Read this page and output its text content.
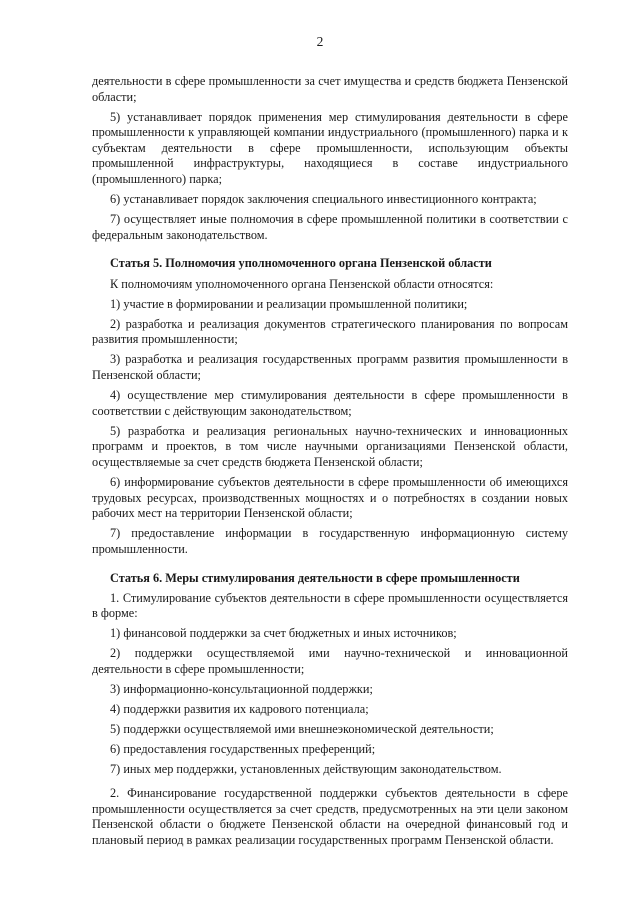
2

деятельности в сфере промышленности за счет имущества и средств бюджета Пензенской области;

5) устанавливает порядок применения мер стимулирования деятельности в сфере промышленности к управляющей компании индустриального (промышленного) парка и к субъектам деятельности в сфере промышленности, использующим объекты промышленной инфраструктуры, находящиеся в составе индустриального (промышленного) парка;

6) устанавливает порядок заключения специального инвестиционного контракта;

7) осуществляет иные полномочия в сфере промышленной политики в соответствии с федеральным законодательством.

Статья 5. Полномочия уполномоченного органа Пензенской области

К полномочиям уполномоченного органа Пензенской области относятся:

1) участие в формировании и реализации промышленной политики;

2) разработка и реализация документов стратегического планирования по вопросам развития промышленности;

3) разработка и реализация государственных программ развития промышленности в Пензенской области;

4) осуществление мер стимулирования деятельности в сфере промышленности в соответствии с действующим законодательством;

5) разработка и реализация региональных научно-технических и инновационных программ и проектов, в том числе научными организациями Пензенской области, осуществляемые за счет средств бюджета Пензенской области;

6) информирование субъектов деятельности в сфере промышленности об имеющихся трудовых ресурсах, производственных мощностях и о потребностях в создании новых рабочих мест на территории Пензенской области;

7) предоставление информации в государственную информационную систему промышленности.

Статья 6. Меры стимулирования деятельности в сфере промышленности

1. Стимулирование субъектов деятельности в сфере промышленности осуществляется в форме:

1) финансовой поддержки за счет бюджетных и иных источников;

2) поддержки осуществляемой ими научно-технической и инновационной деятельности в сфере промышленности;

3) информационно-консультационной поддержки;

4) поддержки развития их кадрового потенциала;

5) поддержки осуществляемой ими внешнеэкономической деятельности;

6) предоставления государственных преференций;

7) иных мер поддержки, установленных действующим законодательством.

2. Финансирование государственной поддержки субъектов деятельности в сфере промышленности осуществляется за счет средств, предусмотренных на эти цели законом Пензенской области о бюджете Пензенской области на очередной финансовый год и плановый период в рамках реализации государственных программ Пензенской области.
